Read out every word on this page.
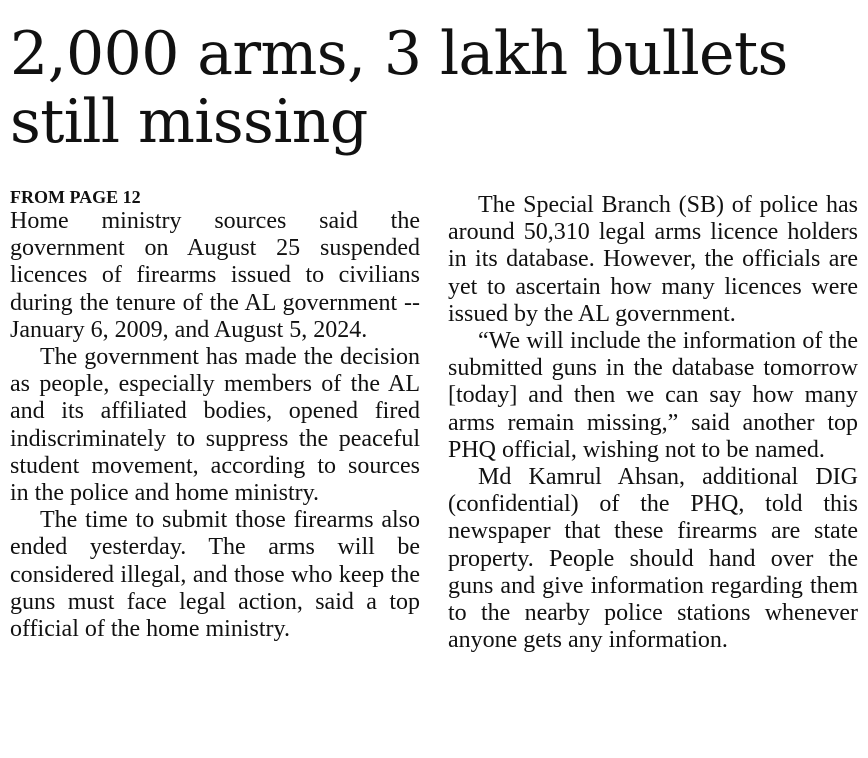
2,000 arms, 3 lakh bullets
still missing

FROM PAGE 12

Home ministry sources said the government on August 25 suspended licences of firearms issued to civilians during the tenure of the AL government -- January 6, 2009, and August 5, 2024.

The government has made the decision as people, especially members of the AL and its affiliated bodies, opened fired indiscriminately to suppress the peaceful student movement, according to sources in the police and home ministry.

The time to submit those firearms also ended yesterday. The arms will be considered illegal, and those who keep the guns must face legal action, said a top official of the home ministry.

The Special Branch (SB) of police has around 50,310 legal arms licence holders in its database. However, the officials are yet to ascertain how many licences were issued by the AL government.

“We will include the information of the submitted guns in the database tomorrow [today] and then we can say how many arms remain missing,” said another top PHQ official, wishing not to be named.

Md Kamrul Ahsan, additional DIG (confidential) of the PHQ, told this newspaper that these firearms are state property. People should hand over the guns and give information regarding them to the nearby police stations whenever anyone gets any information.
